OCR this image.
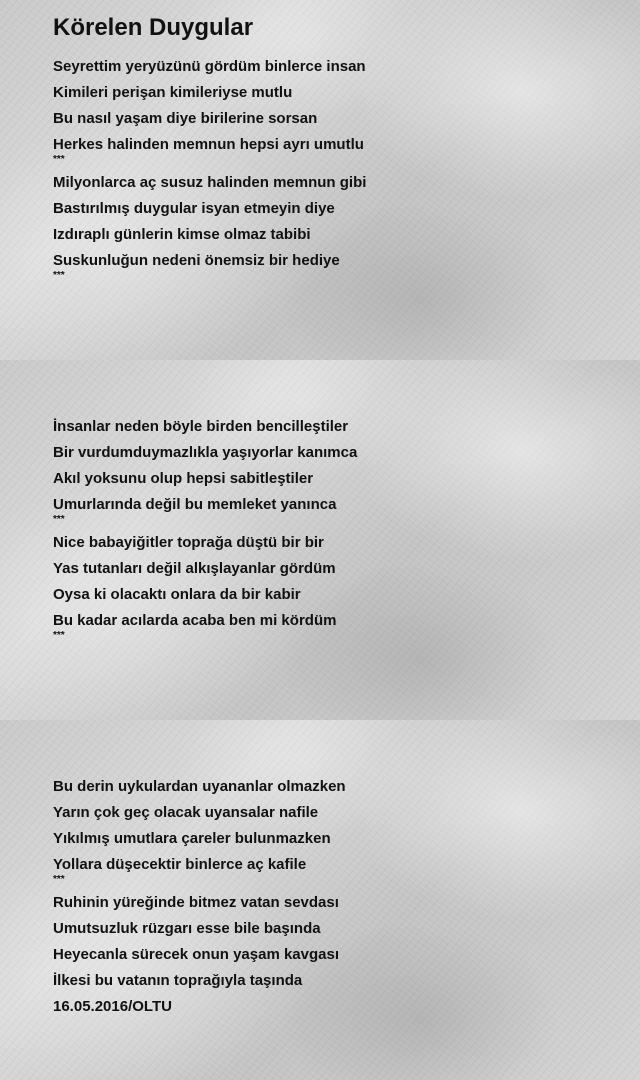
Körelen Duygular
Seyrettim yeryüzünü gördüm binlerce insan
Kimileri perişan kimileriyse mutlu
Bu nasıl yaşam diye birilerine sorsan
Herkes halinden memnun hepsi ayrı umutlu
***
Milyonlarca aç susuz halinden memnun gibi
Bastırılmış duygular isyan etmeyin diye
Izdıraplı günlerin kimse olmaz tabibi
Suskunluğun nedeni önemsiz bir hediye
***
İnsanlar neden böyle birden bencilleştiler
Bir vurdumduymazlıkla yaşıyorlar kanımca
Akıl yoksunu olup hepsi sabitleştiler
Umurlarında değil bu memleket yanınca
***
Nice babayiğitler toprağa düştü bir bir
Yas tutanları değil alkışlayanlar gördüm
Oysa ki olacaktı onlara da bir kabir
Bu kadar acılarda acaba ben mi kördüm
***
Bu derin uykulardan uyananlar olmazken
Yarın çok geç olacak uyansalar nafile
Yıkılmış umutlara çareler bulunmazken
Yollara düşecektir binlerce aç kafile
***
Ruhinin yüreğinde bitmez vatan sevdası
Umutsuzluk rüzgarı esse bile başında
Heyecanla sürecek onun yaşam kavgası
İlkesi bu vatanın toprağıyla taşında
16.05.2016/OLTU
